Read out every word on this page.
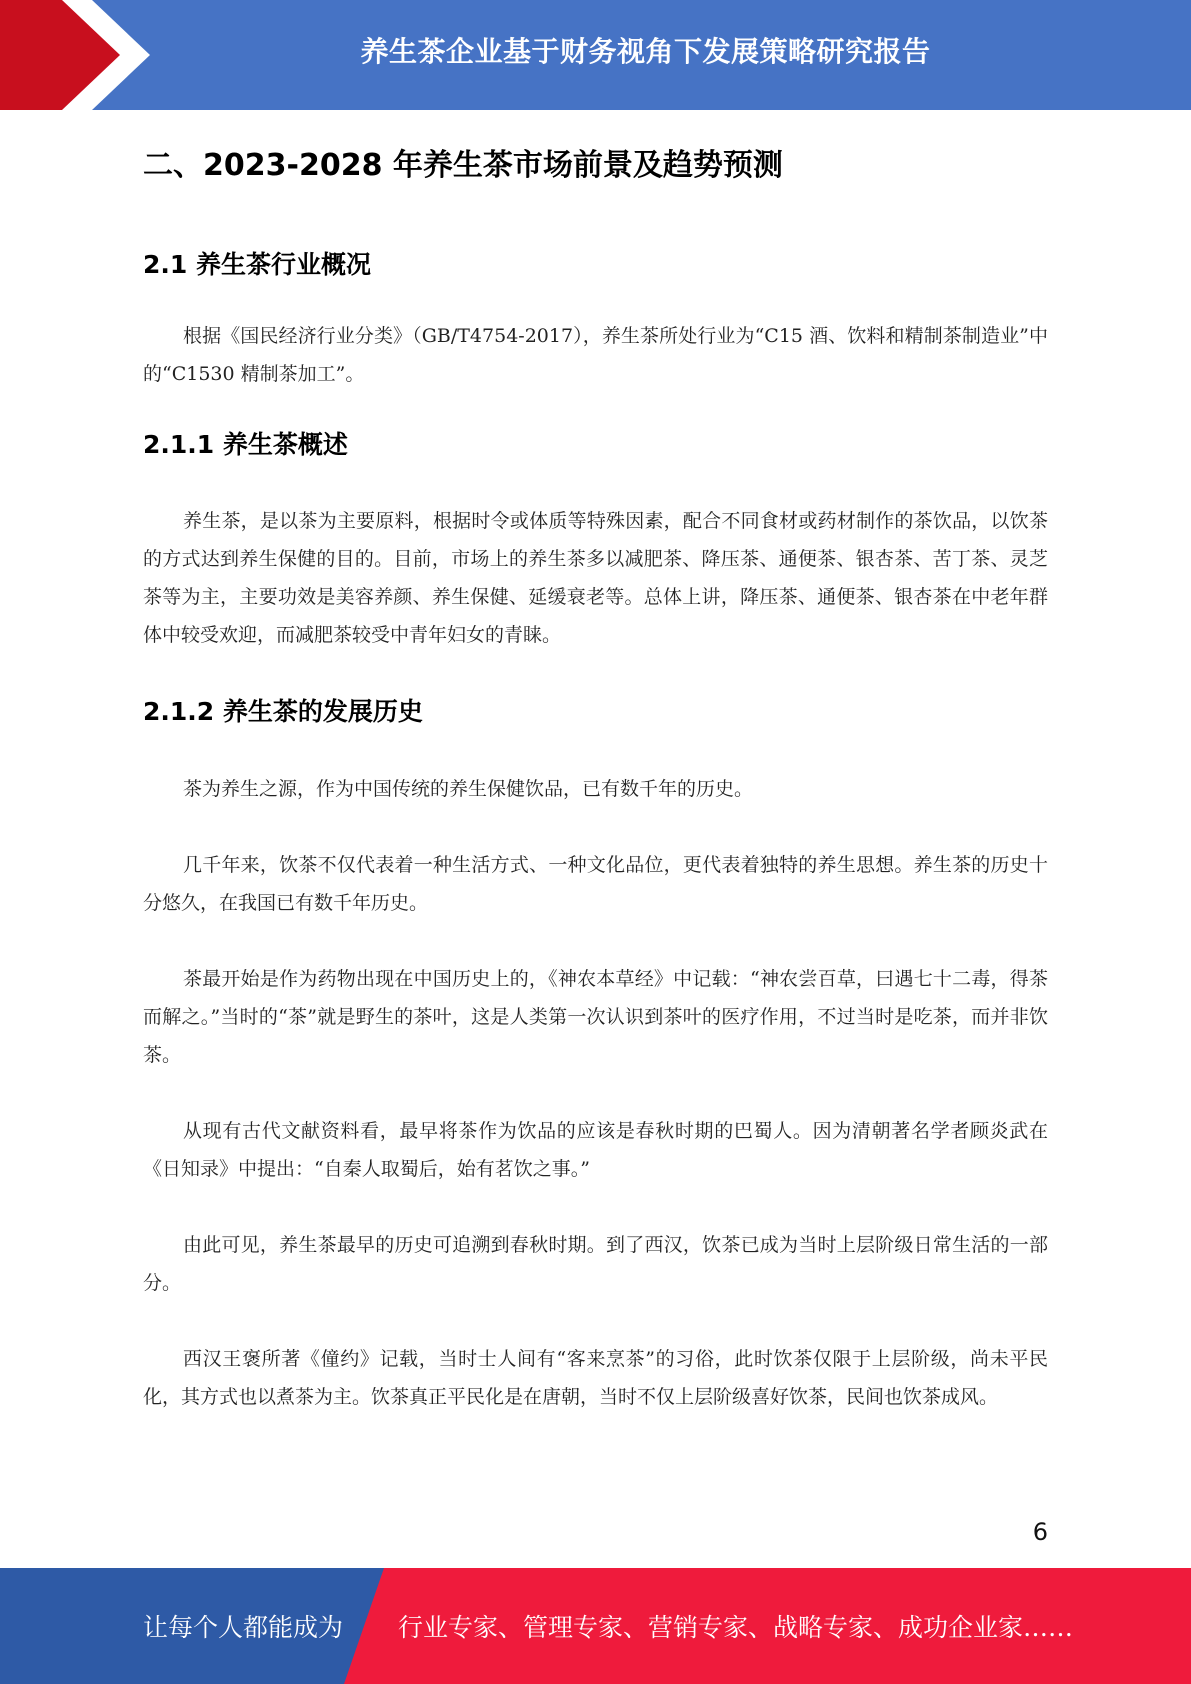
养生茶企业基于财务视角下发展策略研究报告
二、2023-2028 年养生茶市场前景及趋势预测
2.1 养生茶行业概况
根据《国民经济行业分类》（GB/T4754-2017），养生茶所处行业为“C15 酒、饮料和精制茶制造业”中的“C1530 精制茶加工”。
2.1.1 养生茶概述
养生茶，是以茶为主要原料，根据时令或体质等特殊因素，配合不同食材或药材制作的茶饮品，以饮茶的方式达到养生保健的目的。目前，市场上的养生茶多以减肥茶、降压茶、通便茶、银杏茶、苦丁茶、灵芝茶等为主，主要功效是美容养颜、养生保健、延缓衰老等。总体上讲，降压茶、通便茶、银杏茶在中老年群体中较受欢迎，而减肥茶较受中青年妇女的青睐。
2.1.2 养生茶的发展历史
茶为养生之源，作为中国传统的养生保健饮品，已有数千年的历史。
几千年来，饮茶不仅代表着一种生活方式、一种文化品位，更代表着独特的养生思想。养生茶的历史十分悠久，在我国已有数千年历史。
茶最开始是作为药物出现在中国历史上的，《神农本草经》中记载：“神农尝百草，曰遇七十二毒，得茶而解之。”当时的“茶”就是野生的茶叶，这是人类第一次认识到茶叶的医疗作用，不过当时是吃茶，而并非饮茶。
从现有古代文献资料看，最早将茶作为饮品的应该是春秋时期的巴蜀人。因为清朝著名学者顾炎武在《日知录》中提出：“自秦人取蜀后，始有茗饮之事。”
由此可见，养生茶最早的历史可追溯到春秋时期。到了西汉，饮茶已成为当时上层阶级日常生活的一部分。
西汉王褒所著《僮约》记载，当时士人间有“客来烹茶”的习俗，此时饮茶仅限于上层阶级，尚未平民化，其方式也以煮茶为主。饮茶真正平民化是在唐朝，当时不仅上层阶级喜好饮茶，民间也饮茶成风。
6
让每个人都能成为 行业专家、管理专家、营销专家、战略专家、成功企业家……
